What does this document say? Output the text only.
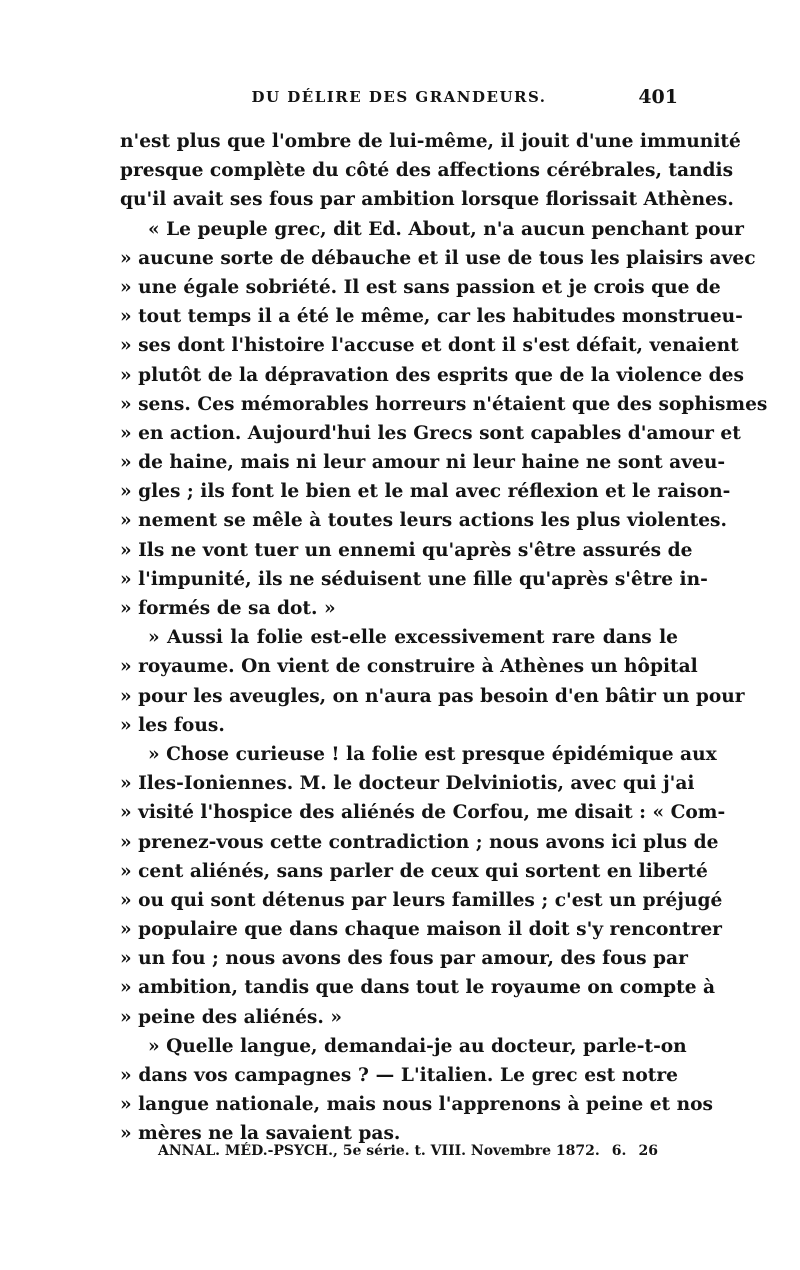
DU DÉLIRE DES GRANDEURS.	401
n'est plus que l'ombre de lui-même, il jouit d'une immunité
presque complète du côté des affections cérébrales, tandis
qu'il avait ses fous par ambition lorsque florissait Athènes.
« Le peuple grec, dit Ed. About, n'a aucun penchant pour
» aucune sorte de débauche et il use de tous les plaisirs avec
» une égale sobriété. Il est sans passion et je crois que de
» tout temps il a été le même, car les habitudes monstrueu-
» ses dont l'histoire l'accuse et dont il s'est défait, venaient
» plutôt de la dépravation des esprits que de la violence des
» sens. Ces mémorables horreurs n'étaient que des sophismes
» en action. Aujourd'hui les Grecs sont capables d'amour et
» de haine, mais ni leur amour ni leur haine ne sont aveu-
» gles ; ils font le bien et le mal avec réflexion et le raison-
» nement se mêle à toutes leurs actions les plus violentes.
» Ils ne vont tuer un ennemi qu'après s'être assurés de
» l'impunité, ils ne séduisent une fille qu'après s'être in-
» formés de sa dot. »
» Aussi la folie est-elle excessivement rare dans le
» royaume. On vient de construire à Athènes un hôpital
» pour les aveugles, on n'aura pas besoin d'en bâtir un pour
» les fous.
» Chose curieuse ! la folie est presque épidémique aux
» Iles-Ioniennes. M. le docteur Delviniotis, avec qui j'ai
» visité l'hospice des aliénés de Corfou, me disait : « Com-
» prenez-vous cette contradiction ; nous avons ici plus de
» cent aliénés, sans parler de ceux qui sortent en liberté
» ou qui sont détenus par leurs familles ; c'est un préjugé
» populaire que dans chaque maison il doit s'y rencontrer
» un fou ; nous avons des fous par amour, des fous par
» ambition, tandis que dans tout le royaume on compte à
» peine des aliénés. »
» Quelle langue, demandai-je au docteur, parle-t-on
» dans vos campagnes ? — L'italien. Le grec est notre
» langue nationale, mais nous l'apprenons à peine et nos
» mères ne la savaient pas.
ANNAL. MÉD.-PSYCH., 5e série. t. VIII. Novembre 1872. 6. 26
